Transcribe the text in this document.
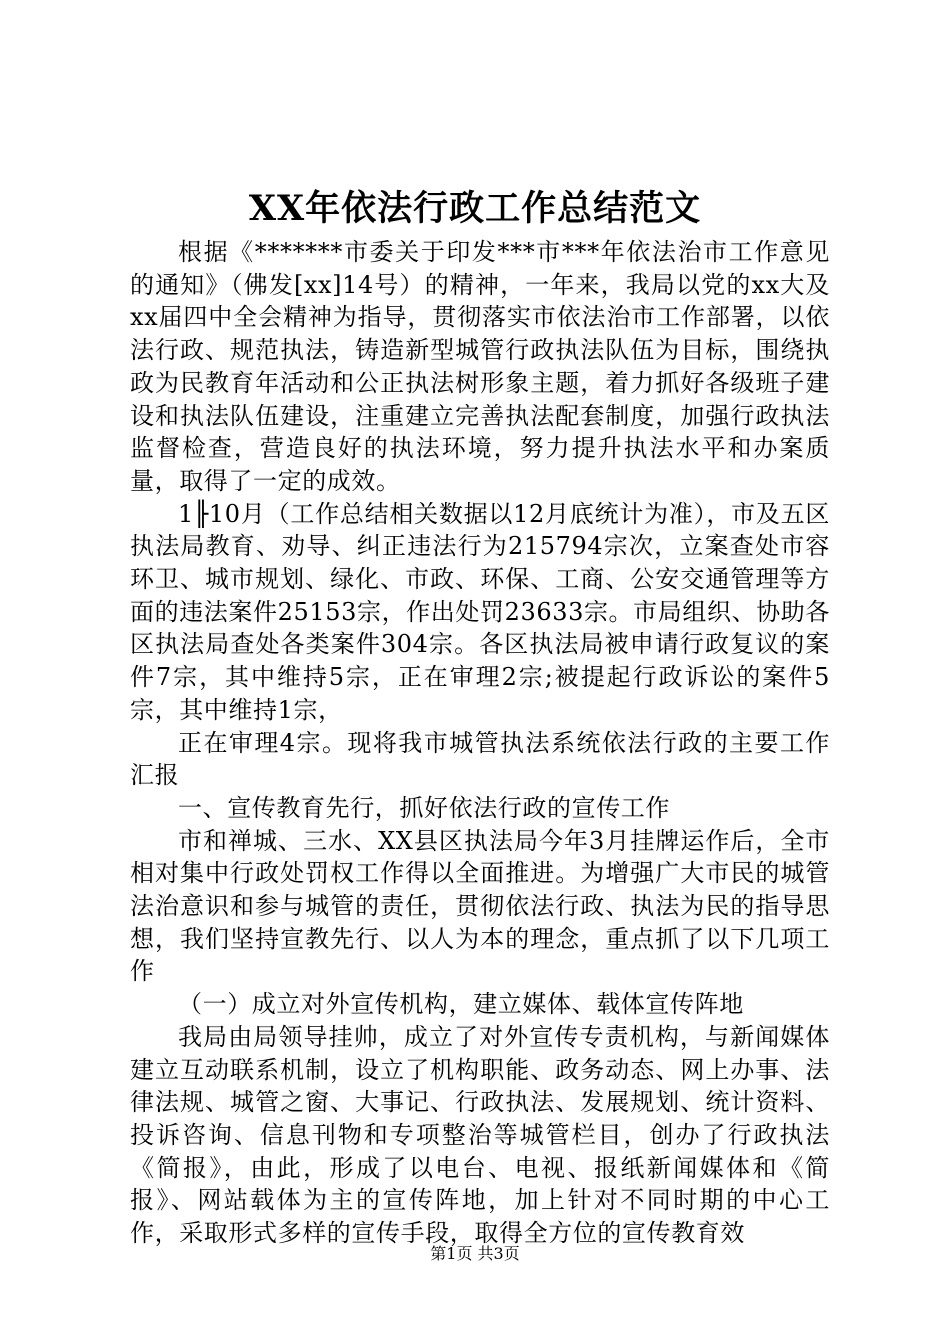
XX年依法行政工作总结范文

根据《*******市委关于印发***市***年依法治市工作意见的通知》（佛发[xx]14号）的精神，一年来，我局以党的xx大及xx届四中全会精神为指导，贯彻落实市依法治市工作部署，以依法行政、规范执法，铸造新型城管行政执法队伍为目标，围绕执政为民教育年活动和公正执法树形象主题，着力抓好各级班子建设和执法队伍建设，注重建立完善执法配套制度，加强行政执法监督检查，营造良好的执法环境，努力提升执法水平和办案质量，取得了一定的成效。

1╟10月（工作总结相关数据以12月底统计为准），市及五区执法局教育、劝导、纠正违法行为215794宗次，立案查处市容环卫、城市规划、绿化、市政、环保、工商、公安交通管理等方面的违法案件25153宗，作出处罚23633宗。市局组织、协助各区执法局查处各类案件304宗。各区执法局被申请行政复议的案件7宗，其中维持5宗，正在审理2宗;被提起行政诉讼的案件5宗，其中维持1宗，

正在审理4宗。现将我市城管执法系统依法行政的主要工作汇报

一、宣传教育先行，抓好依法行政的宣传工作

市和禅城、三水、XX县区执法局今年3月挂牌运作后，全市相对集中行政处罚权工作得以全面推进。为增强广大市民的城管法治意识和参与城管的责任，贯彻依法行政、执法为民的指导思想，我们坚持宣教先行、以人为本的理念，重点抓了以下几项工作

（一）成立对外宣传机构，建立媒体、载体宣传阵地

我局由局领导挂帅，成立了对外宣传专责机构，与新闻媒体建立互动联系机制，设立了机构职能、政务动态、网上办事、法律法规、城管之窗、大事记、行政执法、发展规划、统计资料、投诉咨询、信息刊物和专项整治等城管栏目，创办了行政执法《简报》，由此，形成了以电台、电视、报纸新闻媒体和《简报》、网站载体为主的宣传阵地，加上针对不同时期的中心工作，采取形式多样的宣传手段，取得全方位的宣传教育效

第1页 共3页
